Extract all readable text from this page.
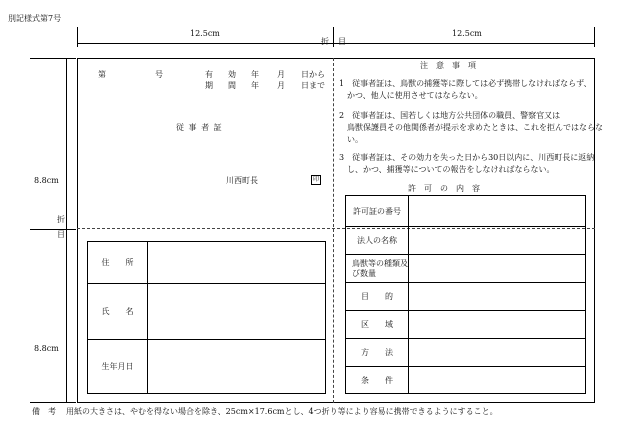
別記様式第7号
12.5cm	12.5cm
折 目
8.8cm
8.8cm
折
目
第	号	有 効 年 月 日から
期 間 年 月 日まで
従 事 者 証
川西町長	印
注　意　事　項
1　従事者証は、鳥獣の捕獲等に際しては必ず携帯しなければならず、
　かつ、他人に使用させてはならない。
2　従事者証は、国若しくは地方公共団体の職員、警察官又は
　鳥獣保護員その他関係者が提示を求めたときは、これを拒んではならな
　い。
3　従事者証は、その効力を失った日から30日以内に、川西町長に返納
　し、かつ、捕獲等についての報告をしなければならない。
許　可　の　内　容
許可証の番号
法人の名称
鳥獣等の種類及び数量
目　　的
区　　域
方　　法
条　　件
住　　所
氏　　名
生年月日
備　考 用紙の大きさは、やむを得ない場合を除き、25cm×17.6cmとし、4つ折り等により容易に携帯できるようにすること。
